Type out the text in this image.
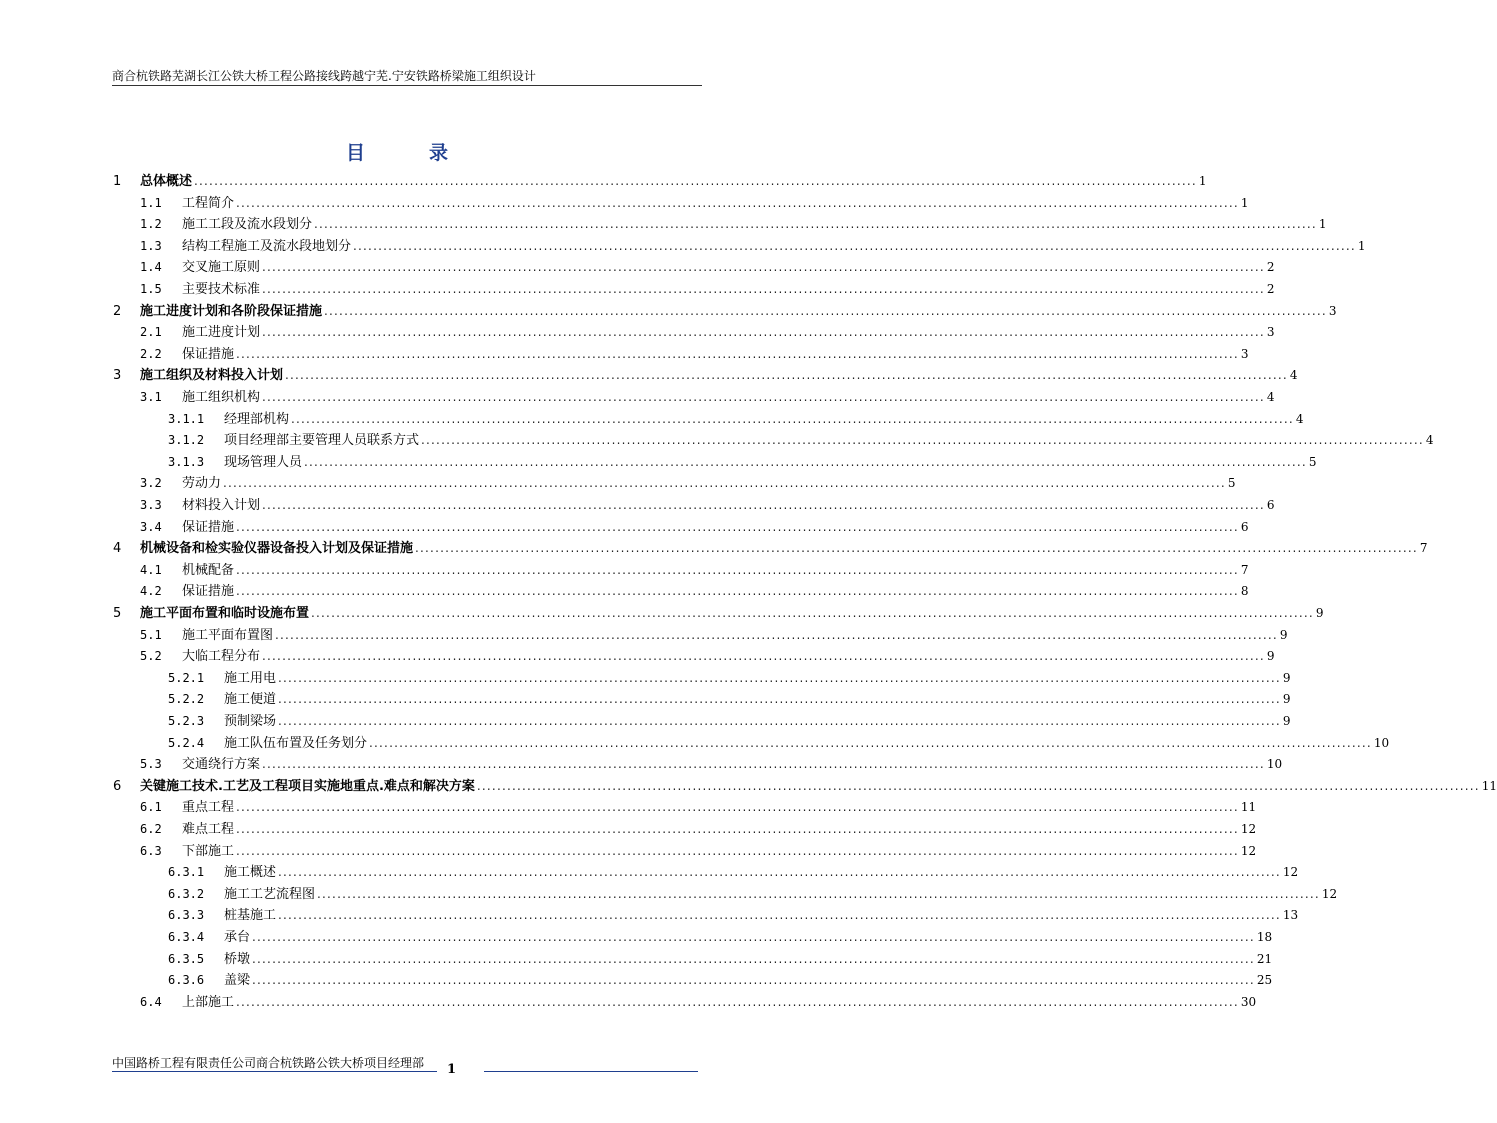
商合杭铁路芜湖长江公铁大桥工程公路接线跨越宁芜.宁安铁路桥梁施工组织设计
目	录
1 总体概述 ........................................................................................................................................................................................................ 1
1.1 工程简介 ........................................................................................................................................................................................................ 1
1.2 施工工段及流水段划分 ........................................................................................................................................................................................................ 1
1.3 结构工程施工及流水段地划分 ........................................................................................................................................................................................................ 1
1.4 交叉施工原则 ........................................................................................................................................................................................................ 2
1.5 主要技术标准 ........................................................................................................................................................................................................ 2
2 施工进度计划和各阶段保证措施 ........................................................................................................................................................................................................ 3
2.1 施工进度计划 ........................................................................................................................................................................................................ 3
2.2 保证措施 ........................................................................................................................................................................................................ 3
3 施工组织及材料投入计划 ........................................................................................................................................................................................................ 4
3.1 施工组织机构 ........................................................................................................................................................................................................ 4
3.1.1 经理部机构 ........................................................................................................................................................................................................ 4
3.1.2 项目经理部主要管理人员联系方式 ........................................................................................................................................................................................................ 4
3.1.3 现场管理人员 ........................................................................................................................................................................................................ 5
3.2 劳动力 ........................................................................................................................................................................................................ 5
3.3 材料投入计划 ........................................................................................................................................................................................................ 6
3.4 保证措施 ........................................................................................................................................................................................................ 6
4 机械设备和检实验仪器设备投入计划及保证措施 ........................................................................................................................................................................................................ 7
4.1 机械配备 ........................................................................................................................................................................................................ 7
4.2 保证措施 ........................................................................................................................................................................................................ 8
5 施工平面布置和临时设施布置 ........................................................................................................................................................................................................ 9
5.1 施工平面布置图 ........................................................................................................................................................................................................ 9
5.2 大临工程分布 ........................................................................................................................................................................................................ 9
5.2.1 施工用电 ........................................................................................................................................................................................................ 9
5.2.2 施工便道 ........................................................................................................................................................................................................ 9
5.2.3 预制梁场 ........................................................................................................................................................................................................ 9
5.2.4 施工队伍布置及任务划分 ........................................................................................................................................................................................................ 10
5.3 交通绕行方案 ........................................................................................................................................................................................................ 10
6 关键施工技术.工艺及工程项目实施地重点.难点和解决方案 ........................................................................................................................................................................................................ 11
6.1 重点工程 ........................................................................................................................................................................................................ 11
6.2 难点工程 ........................................................................................................................................................................................................ 12
6.3 下部施工 ........................................................................................................................................................................................................ 12
6.3.1 施工概述 ........................................................................................................................................................................................................ 12
6.3.2 施工工艺流程图 ........................................................................................................................................................................................................ 12
6.3.3 桩基施工 ........................................................................................................................................................................................................ 13
6.3.4 承台 ........................................................................................................................................................................................................ 18
6.3.5 桥墩 ........................................................................................................................................................................................................ 21
6.3.6 盖梁 ........................................................................................................................................................................................................ 25
6.4 上部施工 ........................................................................................................................................................................................................ 30
中国路桥工程有限责任公司商合杭铁路公铁大桥项目经理部 1
